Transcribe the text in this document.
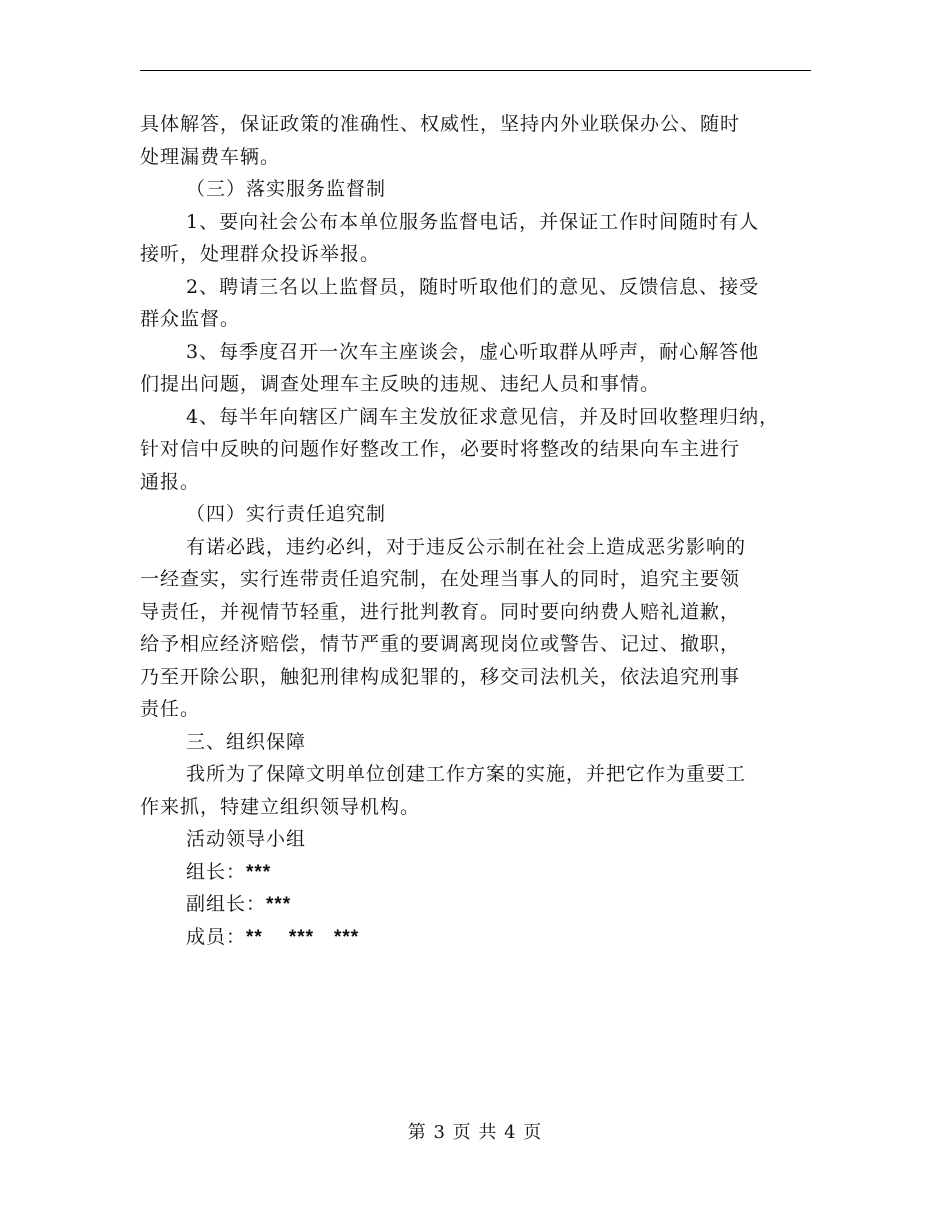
具体解答，保证政策的准确性、权威性，坚持内外业联保办公、随时
处理漏费车辆。
（三）落实服务监督制
1、要向社会公布本单位服务监督电话，并保证工作时间随时有人
接听，处理群众投诉举报。
2、聘请三名以上监督员，随时听取他们的意见、反馈信息、接受
群众监督。
3、每季度召开一次车主座谈会，虚心听取群从呼声，耐心解答他
们提出问题，调查处理车主反映的违规、违纪人员和事情。
4、每半年向辖区广阔车主发放征求意见信，并及时回收整理归纳，
针对信中反映的问题作好整改工作，必要时将整改的结果向车主进行
通报。
（四）实行责任追究制
有诺必践，违约必纠，对于违反公示制在社会上造成恶劣影响的
一经查实，实行连带责任追究制，在处理当事人的同时，追究主要领
导责任，并视情节轻重，进行批判教育。同时要向纳费人赔礼道歉，
给予相应经济赔偿，情节严重的要调离现岗位或警告、记过、撤职，
乃至开除公职，触犯刑律构成犯罪的，移交司法机关，依法追究刑事
责任。
三、组织保障
我所为了保障文明单位创建工作方案的实施，并把它作为重要工
作来抓，特建立组织领导机构。
活动领导小组
组长：***
副组长：***
成员：** *** ***
第 3 页 共 4 页
